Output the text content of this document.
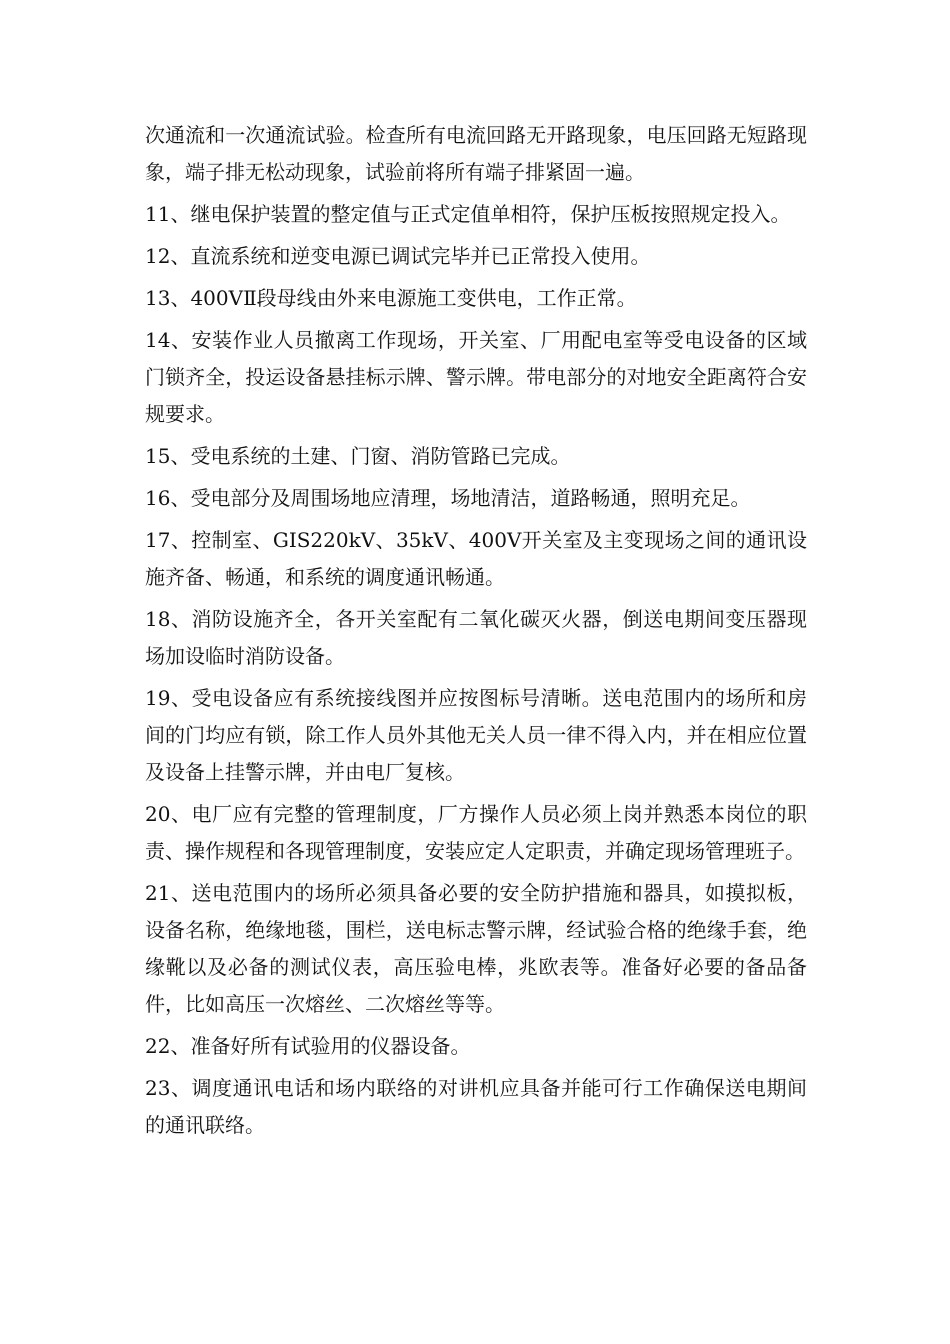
次通流和一次通流试验。检查所有电流回路无开路现象，电压回路无短路现象，端子排无松动现象，试验前将所有端子排紧固一遍。

11、继电保护装置的整定值与正式定值单相符，保护压板按照规定投入。

12、直流系统和逆变电源已调试完毕并已正常投入使用。

13、400VⅡ段母线由外来电源施工变供电，工作正常。

14、安装作业人员撤离工作现场，开关室、厂用配电室等受电设备的区域门锁齐全，投运设备悬挂标示牌、警示牌。带电部分的对地安全距离符合安规要求。

15、受电系统的土建、门窗、消防管路已完成。

16、受电部分及周围场地应清理，场地清洁，道路畅通，照明充足。

17、控制室、GIS220kV、35kV、400V开关室及主变现场之间的通讯设施齐备、畅通，和系统的调度通讯畅通。

18、消防设施齐全，各开关室配有二氧化碳灭火器，倒送电期间变压器现场加设临时消防设备。

19、受电设备应有系统接线图并应按图标号清晰。送电范围内的场所和房间的门均应有锁，除工作人员外其他无关人员一律不得入内，并在相应位置及设备上挂警示牌，并由电厂复核。

20、电厂应有完整的管理制度，厂方操作人员必须上岗并熟悉本岗位的职责、操作规程和各现管理制度，安装应定人定职责，并确定现场管理班子。

21、送电范围内的场所必须具备必要的安全防护措施和器具，如摸拟板，设备名称，绝缘地毯，围栏，送电标志警示牌，经试验合格的绝缘手套，绝缘靴以及必备的测试仪表，高压验电棒，兆欧表等。准备好必要的备品备件，比如高压一次熔丝、二次熔丝等等。

22、准备好所有试验用的仪器设备。

23、调度通讯电话和场内联络的对讲机应具备并能可行工作确保送电期间的通讯联络。
